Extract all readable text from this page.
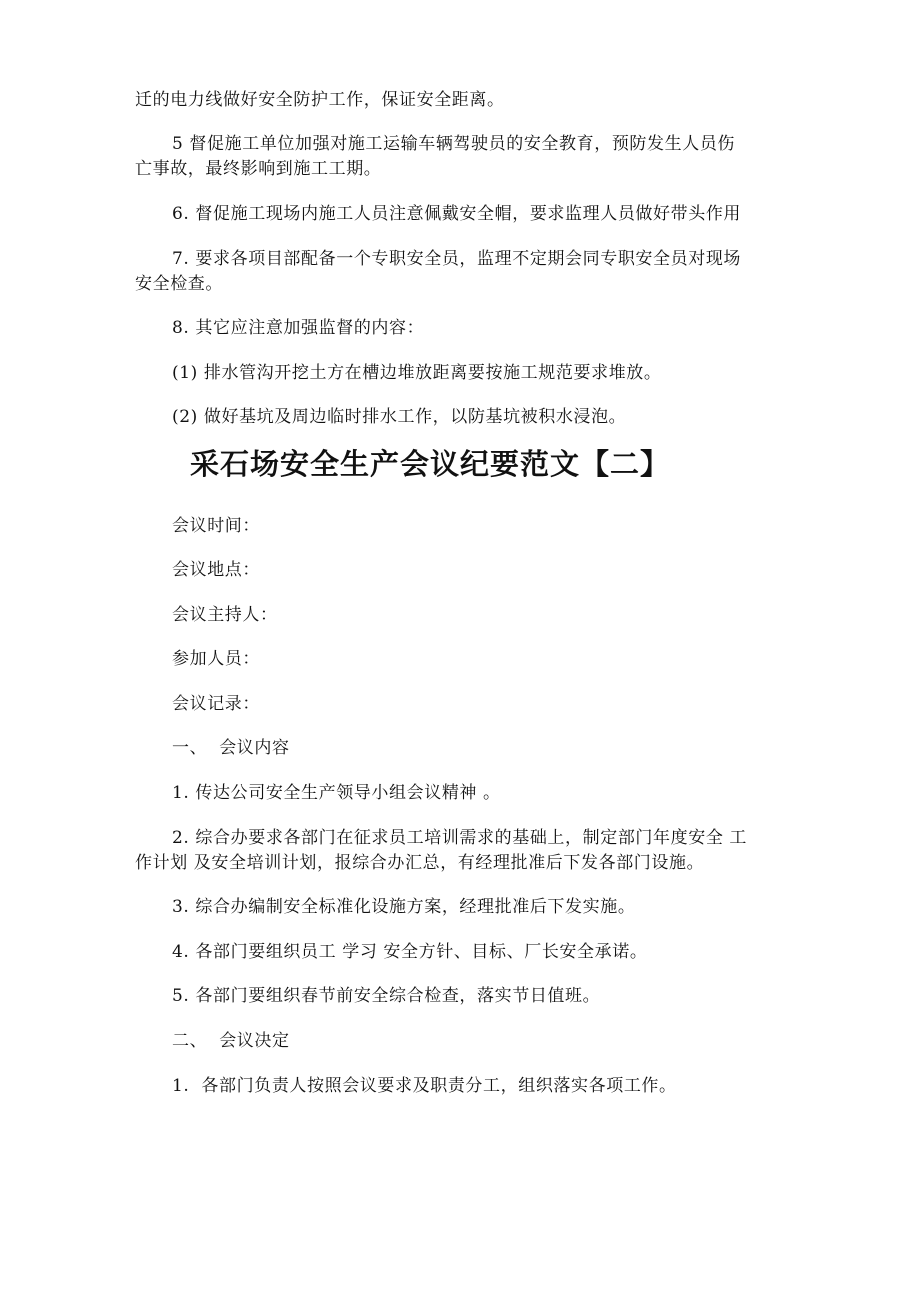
迁的电力线做好安全防护工作，保证安全距离。
5 督促施工单位加强对施工运输车辆驾驶员的安全教育，预防发生人员伤
亡事故，最终影响到施工工期。
6. 督促施工现场内施工人员注意佩戴安全帽，要求监理人员做好带头作用
7. 要求各项目部配备一个专职安全员，监理不定期会同专职安全员对现场
安全检查。
8. 其它应注意加强监督的内容：
(1) 排水管沟开挖土方在槽边堆放距离要按施工规范要求堆放。
(2) 做好基坑及周边临时排水工作，以防基坑被积水浸泡。
采石场安全生产会议纪要范文【二】
会议时间：
会议地点：
会议主持人：
参加人员：
会议记录：
一、  会议内容
1. 传达公司安全生产领导小组会议精神 。
2. 综合办要求各部门在征求员工培训需求的基础上，制定部门年度安全 工
作计划 及安全培训计划，报综合办汇总，有经理批准后下发各部门设施。
3. 综合办编制安全标准化设施方案，经理批准后下发实施。
4. 各部门要组织员工 学习 安全方针、目标、厂长安全承诺。
5. 各部门要组织春节前安全综合检查，落实节日值班。
二、  会议决定
1.  各部门负责人按照会议要求及职责分工，组织落实各项工作。
